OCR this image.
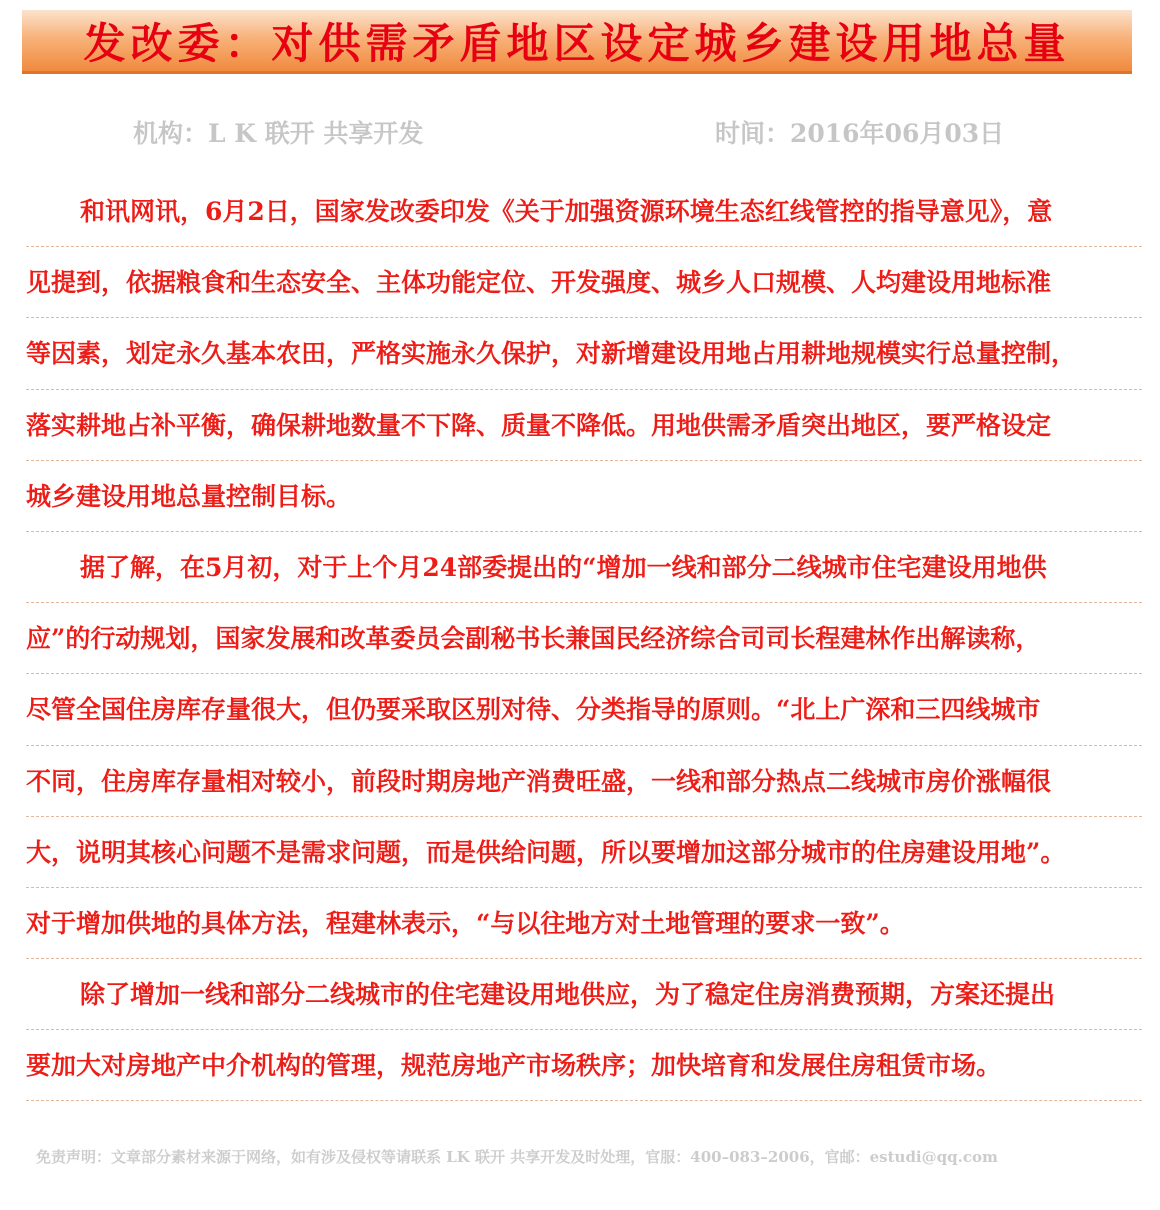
发改委：对供需矛盾地区设定城乡建设用地总量
机构：L K 联开 共享开发	时间：2016年06月03日
和讯网讯，6月2日，国家发改委印发《关于加强资源环境生态红线管控的指导意见》，意
见提到，依据粮食和生态安全、主体功能定位、开发强度、城乡人口规模、人均建设用地标准
等因素，划定永久基本农田，严格实施永久保护，对新增建设用地占用耕地规模实行总量控制，
落实耕地占补平衡，确保耕地数量不下降、质量不降低。用地供需矛盾突出地区，要严格设定
城乡建设用地总量控制目标。
据了解，在5月初，对于上个月24部委提出的“增加一线和部分二线城市住宅建设用地供
应”的行动规划，国家发展和改革委员会副秘书长兼国民经济综合司司长程建林作出解读称，
尽管全国住房库存量很大，但仍要采取区别对待、分类指导的原则。“北上广深和三四线城市
不同，住房库存量相对较小，前段时期房地产消费旺盛，一线和部分热点二线城市房价涨幅很
大，说明其核心问题不是需求问题，而是供给问题，所以要增加这部分城市的住房建设用地”。
对于增加供地的具体方法，程建林表示，“与以往地方对土地管理的要求一致”。
除了增加一线和部分二线城市的住宅建设用地供应，为了稳定住房消费预期，方案还提出
要加大对房地产中介机构的管理，规范房地产市场秩序；加快培育和发展住房租赁市场。
免责声明：文章部分素材来源于网络，如有涉及侵权等请联系 LK 联开 共享开发及时处理，官服：400–083–2006，官邮：estudi@qq.com
